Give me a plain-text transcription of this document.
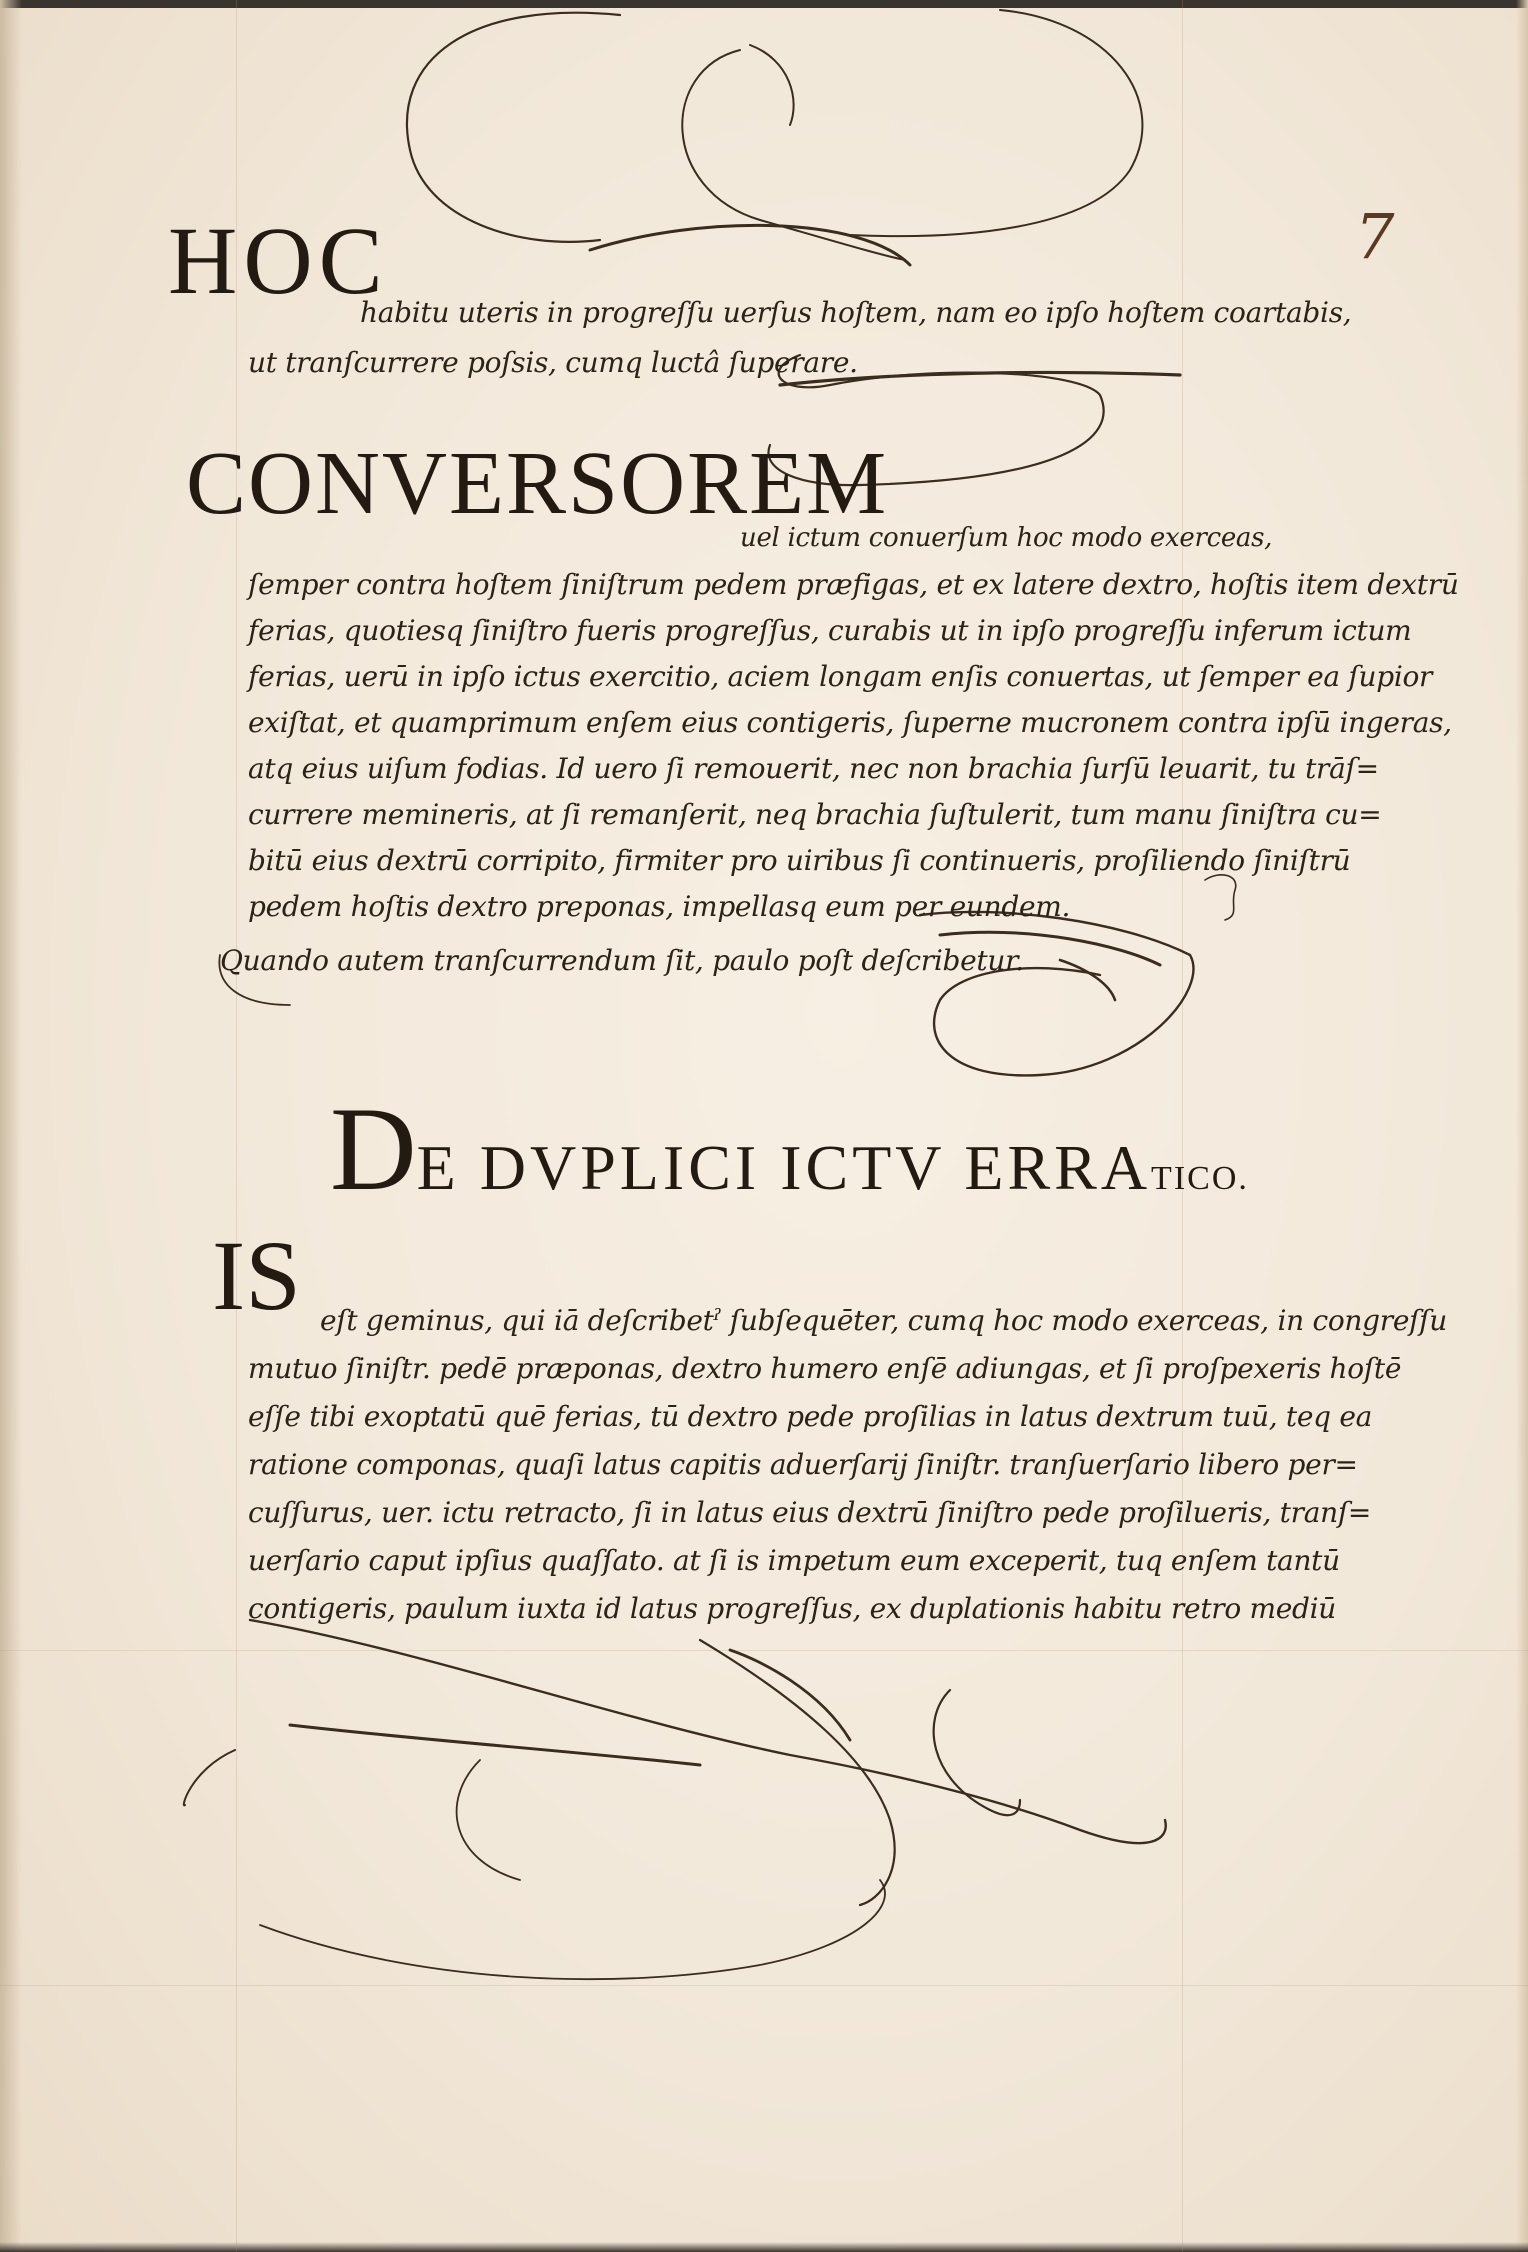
7
HOC
habitu uteris in progreſſu uerſus hoſtem, nam eo ipſo hoſtem coartabis,
ut tranſcurrere poſsis, cumq luctâ ſuperare.
CONVERSOREM
uel ictum conuerſum hoc modo exerceas,
ſemper contra hoſtem ſiniſtrum pedem præfigas, et ex latere dextro, hoſtis item dextrū
ferias, quotiesq ſiniſtro fueris progreſſus, curabis ut in ipſo progreſſu inferum ictum
ferias, uerū in ipſo ictus exercitio, aciem longam enſis conuertas, ut ſemper ea ſupior
exiſtat, et quamprimum enſem eius contigeris, ſuperne mucronem contra ipſū ingeras,
atq eius uiſum fodias. Id uero ſi remouerit, nec non brachia ſurſū leuarit, tu trāſ=
currere memineris, at ſi remanſerit, neq brachia ſuſtulerit, tum manu ſiniſtra cu=
bitū eius dextrū corripito, firmiter pro uiribus ſi continueris, proſiliendo ſiniſtrū
pedem hoſtis dextro preponas, impellasq eum per eundem.
Quando autem tranſcurrendum ſit, paulo poſt deſcribetur.
DE DVPLICI ICTV ERRATICO.
IS eſt geminus, qui iā deſcribetˀ ſubſequēter, cumq hoc modo exerceas, in congreſſu
mutuo ſiniſtr. pedē præponas, dextro humero enſē adiungas, et ſi proſpexeris hoſtē
eſſe tibi exoptatū quē ferias, tū dextro pede proſilias in latus dextrum tuū, teq ea
ratione componas, quaſi latus capitis aduerſarij ſiniſtr. tranſuerſario libero per=
cuſſurus, uer. ictu retracto, ſi in latus eius dextrū ſiniſtro pede proſilueris, tranſ=
uerſario caput ipſius quaſſato. at ſi is impetum eum exceperit, tuq enſem tantū
contigeris, paulum iuxta id latus progreſſus, ex duplationis habitu retro mediū
